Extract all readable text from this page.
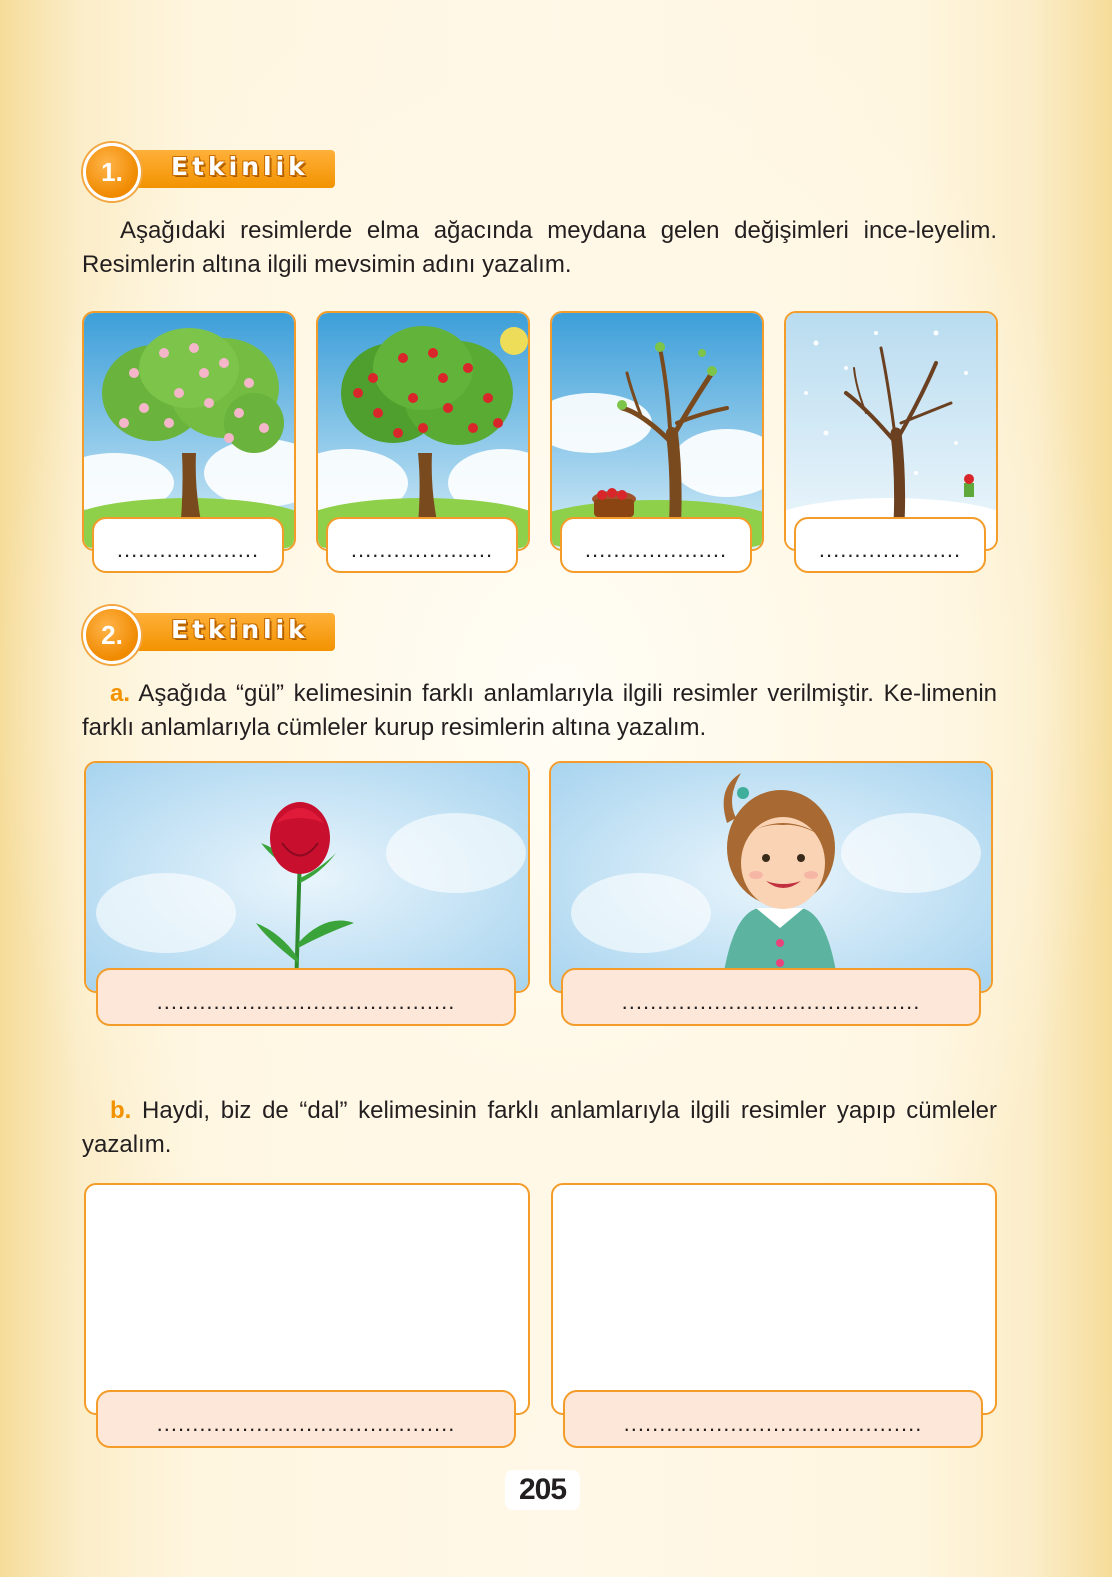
1.	Etkinlik
Aşağıdaki resimlerde elma ağacında meydana gelen değişimleri ince-leyelim. Resimlerin altına ilgili mevsimin adını yazalım.
....................	....................	....................	....................
2.	Etkinlik
a. Aşağıda “gül” kelimesinin farklı anlamlarıyla ilgili resimler verilmiştir. Ke-limenin farklı anlamlarıyla cümleler kurup resimlerin altına yazalım.
..........................................	..........................................
b. Haydi, biz de “dal” kelimesinin farklı anlamlarıyla ilgili resimler yapıp cümleler yazalım.
..........................................	..........................................
205
